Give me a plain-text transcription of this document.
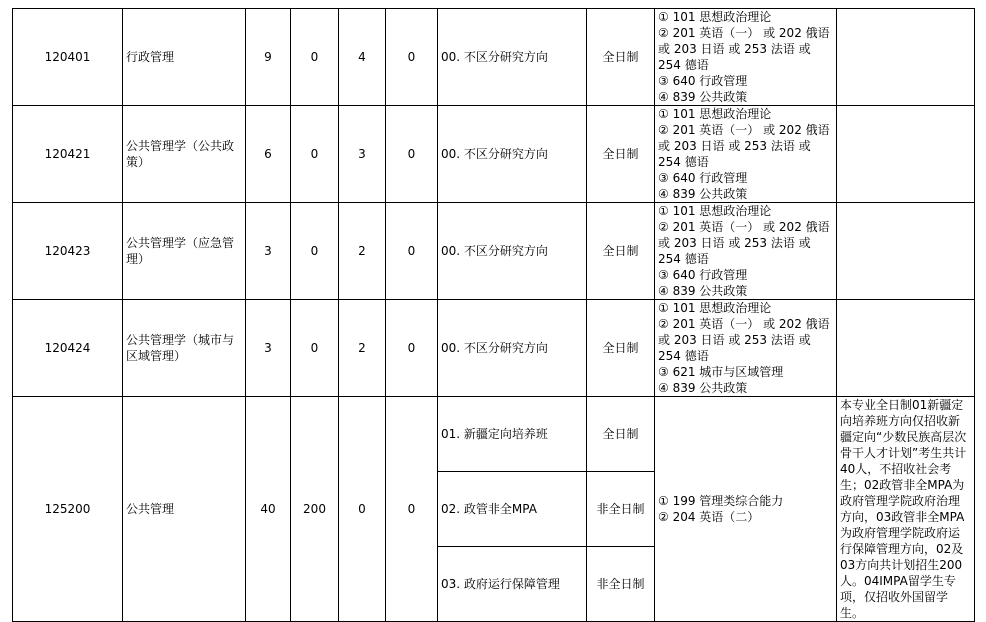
120401	行政管理	9	0	4	0	00. 不区分研究方向	全日制	① 101 思想政治理论
② 201 英语（一） 或 202 俄语 或 203 日语 或 253 法语 或 254 德语
③ 640 行政管理
④ 839 公共政策	

120421	公共管理学（公共政策）	6	0	3	0	00. 不区分研究方向	全日制	① 101 思想政治理论
② 201 英语（一） 或 202 俄语 或 203 日语 或 253 法语 或 254 德语
③ 640 行政管理
④ 839 公共政策	

120423	公共管理学（应急管理）	3	0	2	0	00. 不区分研究方向	全日制	① 101 思想政治理论
② 201 英语（一） 或 202 俄语 或 203 日语 或 253 法语 或 254 德语
③ 640 行政管理
④ 839 公共政策	

120424	公共管理学（城市与区域管理）	3	0	2	0	00. 不区分研究方向	全日制	① 101 思想政治理论
② 201 英语（一） 或 202 俄语 或 203 日语 或 253 法语 或 254 德语
③ 621 城市与区域管理
④ 839 公共政策	

125200	公共管理	40	200	0	0	01. 新疆定向培养班	全日制	① 199 管理类综合能力
② 204 英语（二）	本专业全日制01新疆定向培养班方向仅招收新疆定向“少数民族高层次骨干人才计划”考生共计40人，不招收社会考生；02政管非全MPA为政府管理学院政府治理方向，03政管非全MPA为政府管理学院政府运行保障管理方向，02及03方向共计划招生200人。04IMPA留学生专项，仅招收外国留学生。
						02. 政管非全MPA	非全日制		
						03. 政府运行保障管理	非全日制		
